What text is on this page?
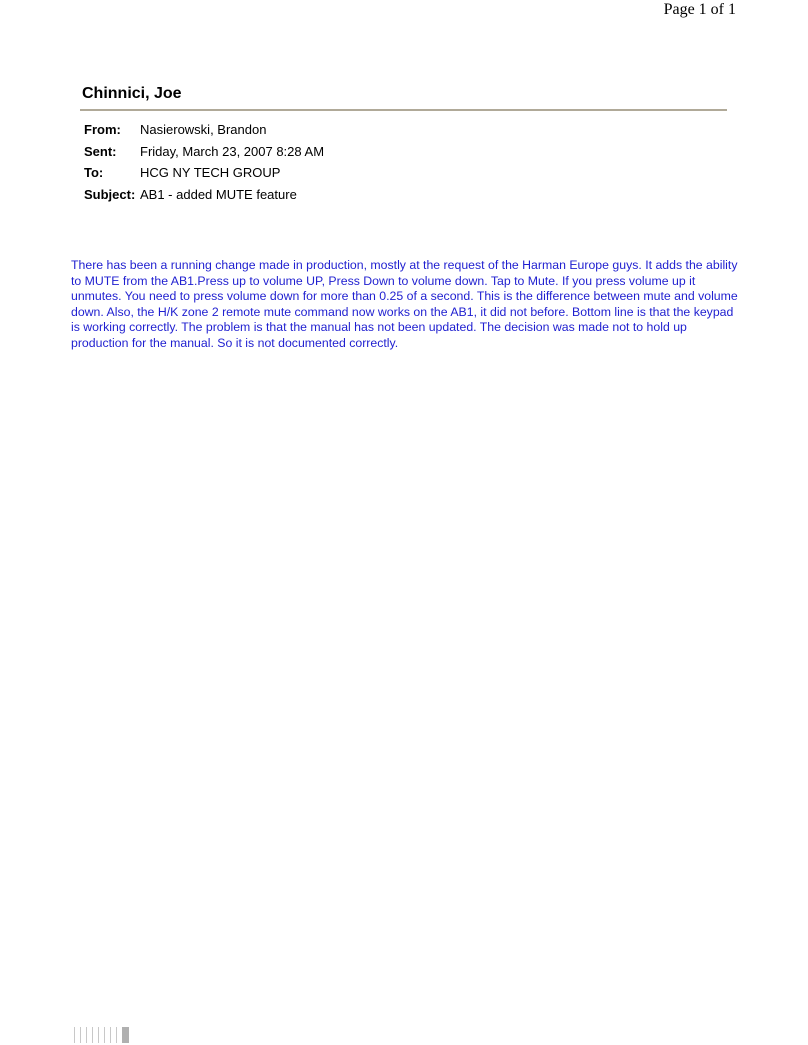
Page 1 of 1
Chinnici, Joe
From:	Nasierowski, Brandon
Sent:	Friday, March 23, 2007 8:28 AM
To:	HCG NY TECH GROUP
Subject: AB1 - added MUTE feature
There has been a running change made in production, mostly at the request of the Harman Europe guys. It adds the ability to MUTE from the AB1.Press up to volume UP, Press Down to volume down. Tap to Mute. If you press volume up it unmutes. You need to press volume down for more than 0.25 of a second. This is the difference between mute and volume down. Also, the H/K zone 2 remote mute command now works on the AB1, it did not before. Bottom line is that the keypad is working correctly. The problem is that the manual has not been updated. The decision was made not to hold up production for the manual. So it is not documented correctly.
